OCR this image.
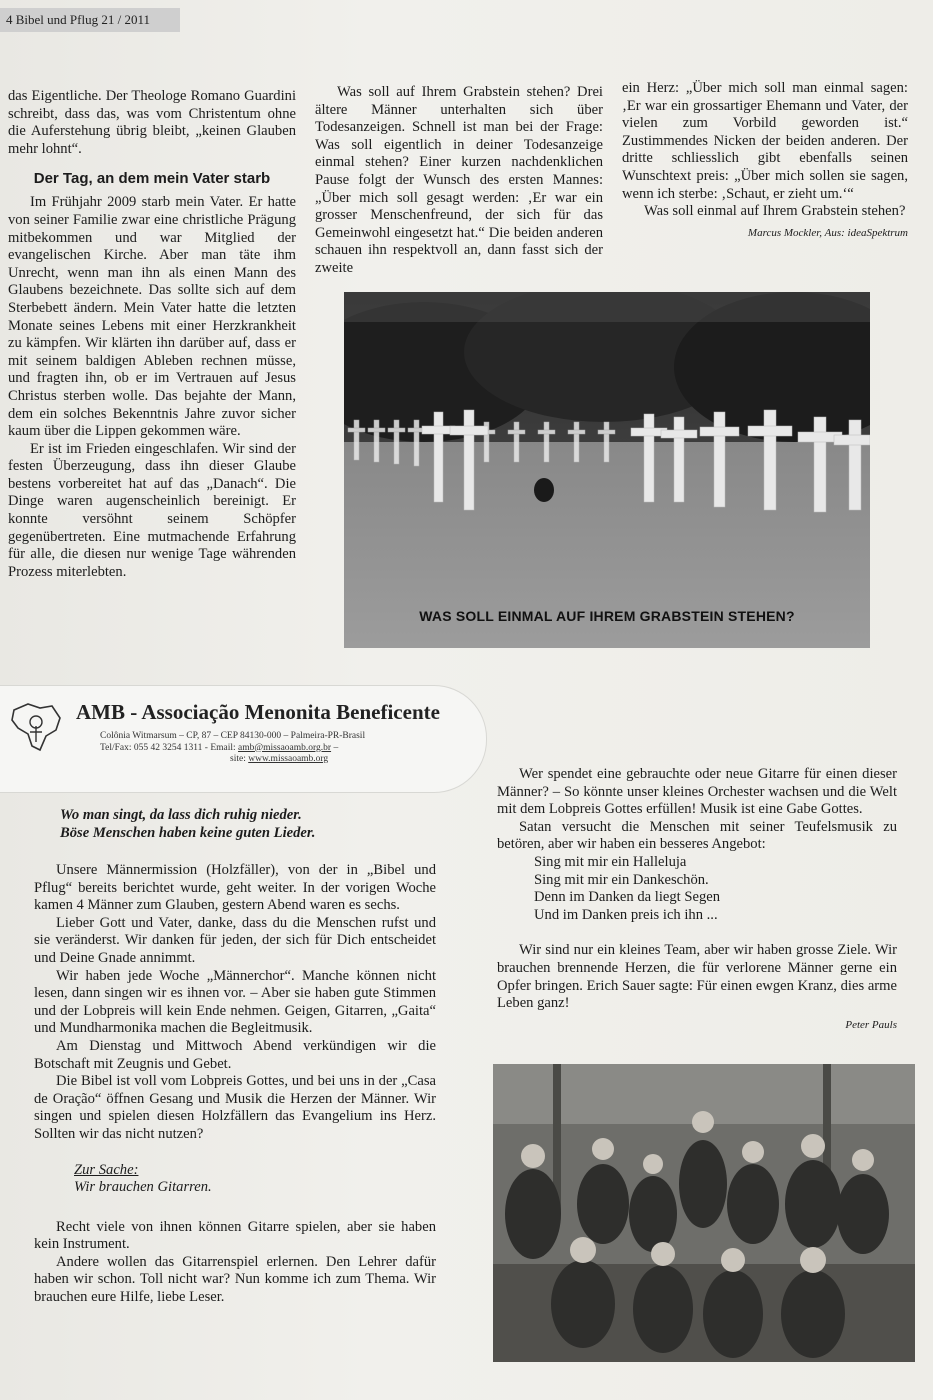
4 Bibel und Pflug 21 / 2011

das Eigentliche. Der Theologe Romano Guardini schreibt, dass das, was vom Christentum ohne die Auferstehung übrig bleibt, „keinen Glauben mehr lohnt“.

Der Tag, an dem mein Vater starb

Im Frühjahr 2009 starb mein Vater. Er hatte von seiner Familie zwar eine christliche Prägung mitbekommen und war Mitglied der evangelischen Kirche. Aber man täte ihm Unrecht, wenn man ihn als einen Mann des Glaubens bezeichnete. Das sollte sich auf dem Sterbebett ändern. Mein Vater hatte die letzten Monate seines Lebens mit einer Herzkrankheit zu kämpfen. Wir klärten ihn darüber auf, dass er mit seinem baldigen Ableben rechnen müsse, und fragten ihn, ob er im Vertrauen auf Jesus Christus sterben wolle. Das bejahte der Mann, dem ein solches Bekenntnis Jahre zuvor sicher kaum über die Lippen gekommen wäre.

Er ist im Frieden eingeschlafen. Wir sind der festen Überzeugung, dass ihn dieser Glaube bestens vorbereitet hat auf das „Danach“. Die Dinge waren augenscheinlich bereinigt. Er konnte versöhnt seinem Schöpfer gegenübertreten. Eine mutmachende Erfahrung für alle, die diesen nur wenige Tage währenden Prozess miterlebten.

Was soll auf Ihrem Grabstein stehen? Drei ältere Männer unterhalten sich über Todesanzeigen. Schnell ist man bei der Frage: Was soll eigentlich in deiner Todesanzeige einmal stehen? Einer kurzen nachdenklichen Pause folgt der Wunsch des ersten Mannes: „Über mich soll gesagt werden: ‚Er war ein grosser Menschenfreund, der sich für das Gemeinwohl eingesetzt hat.“ Die beiden anderen schauen ihn respektvoll an, dann fasst sich der zweite

ein Herz: „Über mich soll man einmal sagen: ‚Er war ein grossartiger Ehemann und Vater, der vielen zum Vorbild geworden ist.“ Zustimmendes Nicken der beiden anderen. Der dritte schliesslich gibt ebenfalls seinen Wunschtext preis: „Über mich sollen sie sagen, wenn ich sterbe: ‚Schaut, er zieht um.‘“

Was soll einmal auf Ihrem Grabstein stehen?

Marcus Mockler, Aus: ideaSpektrum
WAS SOLL EINMAL AUF IHREM GRABSTEIN STEHEN?
AMB - Associação Menonita Beneficente
Colônia Witmarsum – CP, 87 – CEP 84130-000 – Palmeira-PR-Brasil
Tel/Fax: 055 42 3254 1311 - Email: amb@missaoamb.org.br –
site: www.missaoamb.org
Wo man singt, da lass dich ruhig nieder.
Böse Menschen haben keine guten Lieder.

Unsere Männermission (Holzfäller), von der in „Bibel und Pflug“ bereits berichtet wurde, geht weiter. In der vorigen Woche kamen 4 Männer zum Glauben, gestern Abend waren es sechs.

Lieber Gott und Vater, danke, dass du die Menschen rufst und sie veränderst. Wir danken für jeden, der sich für Dich entscheidet und Deine Gnade annimmt.

Wir haben jede Woche „Männerchor“. Manche können nicht lesen, dann singen wir es ihnen vor. – Aber sie haben gute Stimmen und der Lobpreis will kein Ende nehmen. Geigen, Gitarren, „Gaita“ und Mundharmonika machen die Begleitmusik.

Am Dienstag und Mittwoch Abend verkündigen wir die Botschaft mit Zeugnis und Gebet.

Die Bibel ist voll vom Lobpreis Gottes, und bei uns in der „Casa de Oração“ öffnen Gesang und Musik die Herzen der Männer. Wir singen und spielen diesen Holzfällern das Evangelium ins Herz. Sollten wir das nicht nutzen?

Zur Sache:
Wir brauchen Gitarren.

Recht viele von ihnen können Gitarre spielen, aber sie haben kein Instrument.

Andere wollen das Gitarrenspiel erlernen. Den Lehrer dafür haben wir schon. Toll nicht war? Nun komme ich zum Thema. Wir brauchen eure Hilfe, liebe Leser.

Wer spendet eine gebrauchte oder neue Gitarre für einen dieser Männer? – So könnte unser kleines Orchester wachsen und die Welt mit dem Lobpreis Gottes erfüllen! Musik ist eine Gabe Gottes.

Satan versucht die Menschen mit seiner Teufelsmusik zu betören, aber wir haben ein besseres Angebot:

Sing mit mir ein Halleluja

Sing mit mir ein Dankeschön.

Denn im Danken da liegt Segen

Und im Danken preis ich ihn ...

Wir sind nur ein kleines Team, aber wir haben grosse Ziele. Wir brauchen brennende Herzen, die für verlorene Männer gerne ein Opfer bringen. Erich Sauer sagte: Für einen ewgen Kranz, dies arme Leben ganz!

Peter Pauls
